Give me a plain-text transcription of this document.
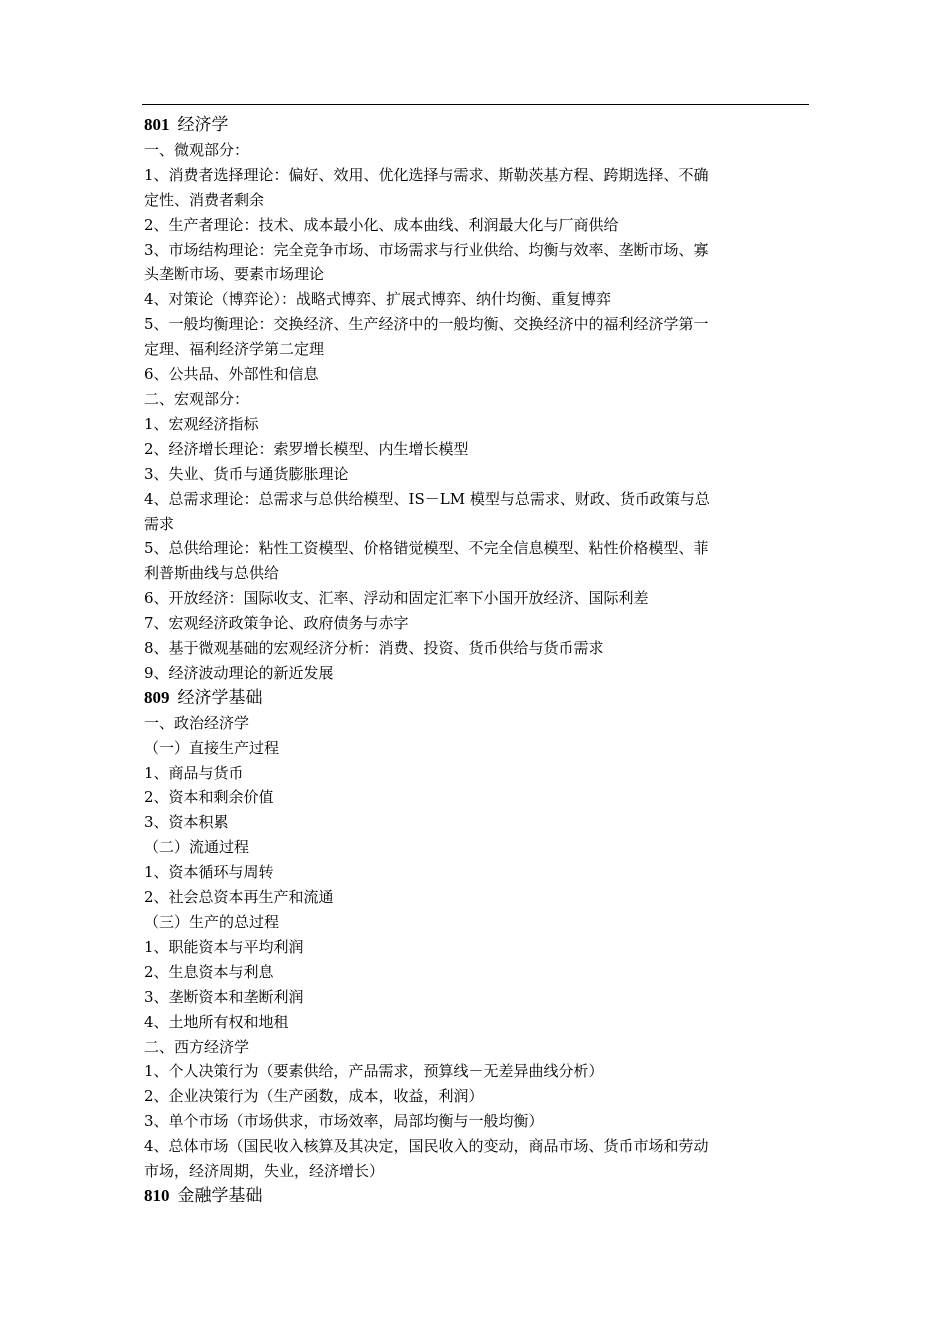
801 经济学
一、微观部分：
1、消费者选择理论：偏好、效用、优化选择与需求、斯勒茨基方程、跨期选择、不确
定性、消费者剩余
2、生产者理论：技术、成本最小化、成本曲线、利润最大化与厂商供给
3、市场结构理论：完全竞争市场、市场需求与行业供给、均衡与效率、垄断市场、寡
头垄断市场、要素市场理论
4、对策论（博弈论）：战略式博弈、扩展式博弈、纳什均衡、重复博弈
5、一般均衡理论：交换经济、生产经济中的一般均衡、交换经济中的福利经济学第一
定理、福利经济学第二定理
6、公共品、外部性和信息
二、宏观部分：
1、宏观经济指标
2、经济增长理论：索罗增长模型、内生增长模型
3、失业、货币与通货膨胀理论
4、总需求理论：总需求与总供给模型、IS－LM 模型与总需求、财政、货币政策与总
需求
5、总供给理论：粘性工资模型、价格错觉模型、不完全信息模型、粘性价格模型、菲
利普斯曲线与总供给
6、开放经济：国际收支、汇率、浮动和固定汇率下小国开放经济、国际利差
7、宏观经济政策争论、政府债务与赤字
8、基于微观基础的宏观经济分析：消费、投资、货币供给与货币需求
9、经济波动理论的新近发展
809 经济学基础
一、政治经济学
（一）直接生产过程
1、商品与货币
2、资本和剩余价值
3、资本积累
（二）流通过程
1、资本循环与周转
2、社会总资本再生产和流通
（三）生产的总过程
1、职能资本与平均利润
2、生息资本与利息
3、垄断资本和垄断利润
4、土地所有权和地租
二、西方经济学
1、个人决策行为（要素供给，产品需求，预算线－无差异曲线分析）
2、企业决策行为（生产函数，成本，收益，利润）
3、单个市场（市场供求，市场效率，局部均衡与一般均衡）
4、总体市场（国民收入核算及其决定，国民收入的变动，商品市场、货币市场和劳动
市场，经济周期，失业，经济增长）
810 金融学基础
